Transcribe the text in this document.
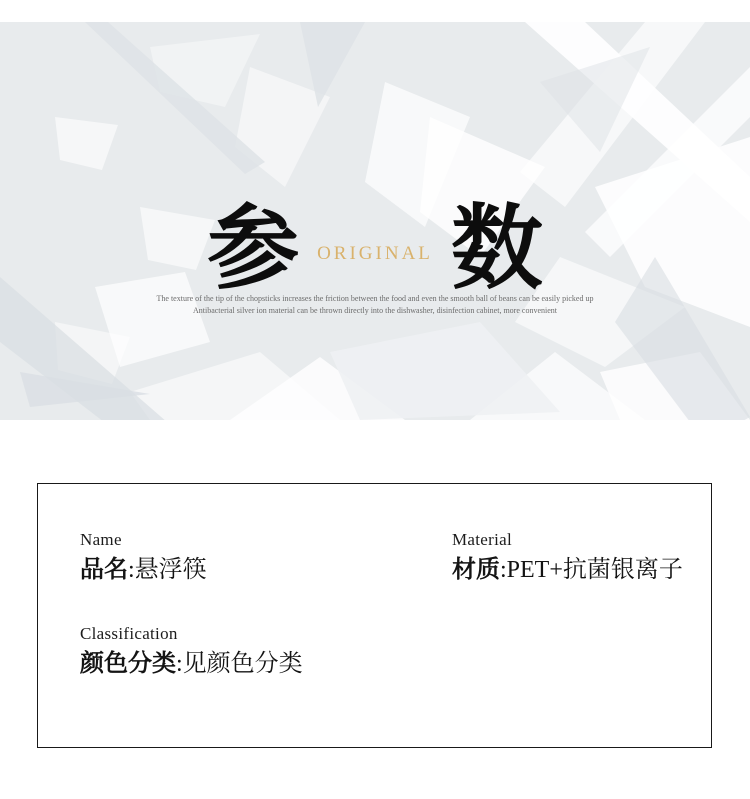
参 ORIGINAL 数
The texture of the tip of the chopsticks increases the friction between the food and even the smooth ball of beans can be easily picked up
Antibacterial silver ion material can be thrown directly into the dishwasher, disinfection cabinet, more convenient
Name
品名:悬浮筷
Material
材质:PET+抗菌银离子
Classification
颜色分类:见颜色分类
